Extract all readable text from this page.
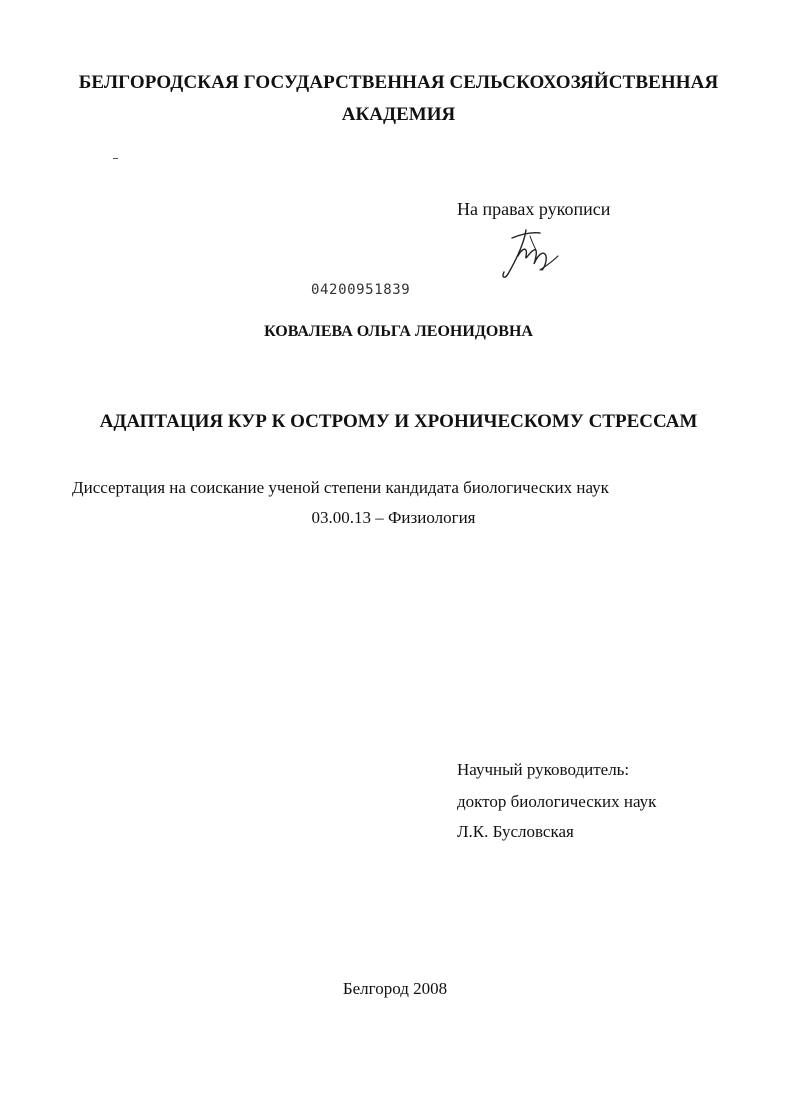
БЕЛГОРОДСКАЯ ГОСУДАРСТВЕННАЯ СЕЛЬСКОХОЗЯЙСТВЕННАЯ
АКАДЕМИЯ
На правах рукописи
04200951839
КОВАЛЕВА ОЛЬГА ЛЕОНИДОВНА
АДАПТАЦИЯ КУР К ОСТРОМУ И ХРОНИЧЕСКОМУ СТРЕССАМ
Диссертация на соискание ученой степени кандидата биологических наук
03.00.13 – Физиология
Научный руководитель:
доктор биологических наук
Л.К. Бусловская
Белгород 2008
